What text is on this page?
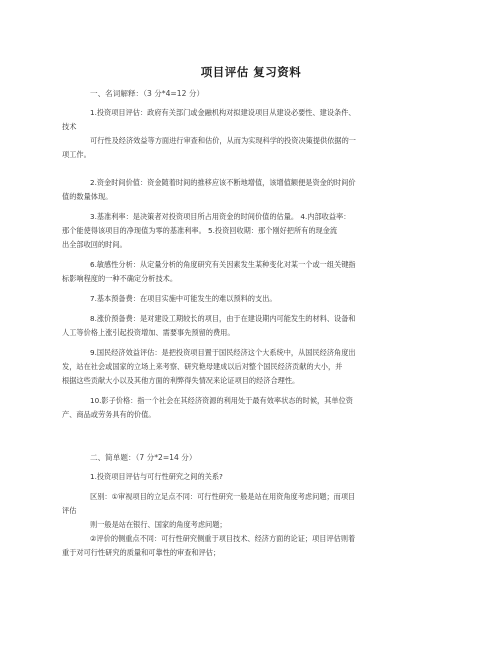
项目评估 复习资料
一、名词解释：（3 分*4=12 分）
1.投资项目评估：政府有关部门或金融机构对拟建设项目从建设必要性、建设条件、
技术
可行性及经济效益等方面进行审查和估价，从而为实现科学的投资决策提供依据的一
项工作。
2.资金时间价值：资金随着时间的推移应该不断地增值，该增值额便是资金的时间价
值的数量体现。
3.基准利率：是决策者对投资项目所占用资金的时间价值的估量。 4.内部收益率：
那个能使得该项目的净现值为零的基准利率。 5.投资回收期：那个刚好把所有的现金流
出全部收回的时间。
6.敏感性分析：从定量分析的角度研究有关因素发生某种变化对某一个或一组关键指
标影响程度的一种不确定分析技术。
7.基本预备费：在项目实施中可能发生的难以预料的支出。
8.涨价预备费：是对建设工期较长的项目，由于在建设期内可能发生的材料、设备和
人工等价格上涨引起投资增加、需要事先预留的费用。
9.国民经济效益评估：是把投资项目置于国民经济这个大系统中，从国民经济角度出
发，站在社会或国家的立场上来考察、研究艳母建成以后对整个国民经济贡献的大小，并
根据这些贡献大小以及其他方面的利弊得失情况来论证项目的经济合理性。
10.影子价格：指一个社会在其经济资源的利用处于最有效率状态的时候，其单位资
产、商品或劳务具有的价值。
二、简单题：（7 分*2=14 分）
1.投资项目评估与可行性研究之间的关系?
区别：①审视项目的立足点不同：可行性研究一般是站在用资角度考虑问题；而项目
评估
则一般是站在银行、国家的角度考虑问题；
②评价的侧重点不同：可行性研究侧重于项目技术、经济方面的论证；项目评估则着
重于对可行性研究的质量和可靠性的审查和评估；
